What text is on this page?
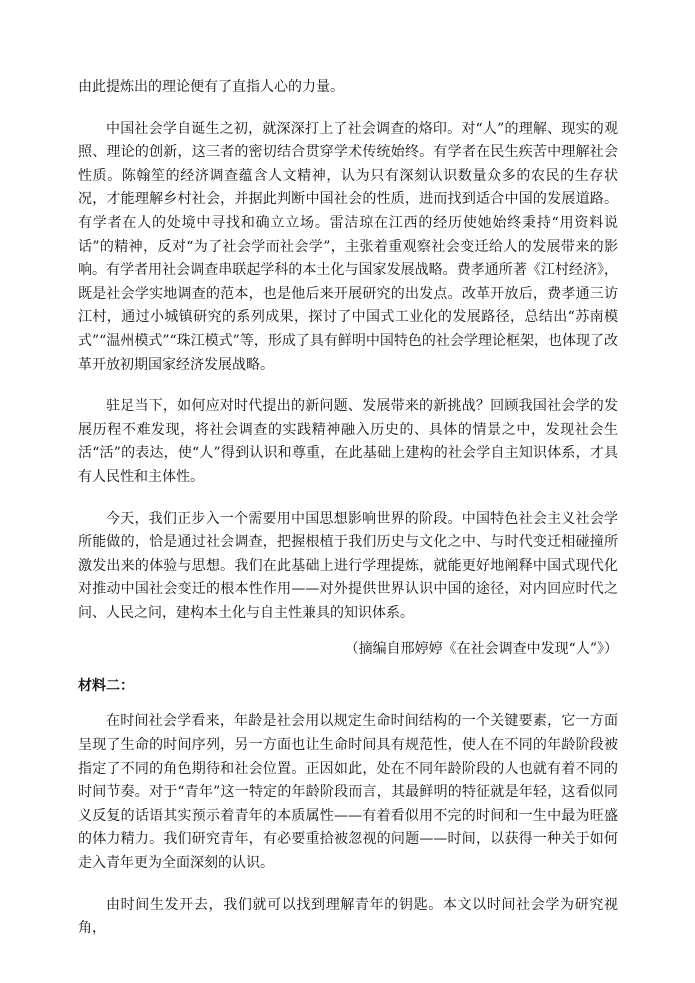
由此提炼出的理论便有了直指人心的力量。

中国社会学自诞生之初，就深深打上了社会调查的烙印。对“人”的理解、现实的观照、理论的创新，这三者的密切结合贯穿学术传统始终。有学者在民生疾苦中理解社会性质。陈翰笙的经济调查蕴含人文精神，认为只有深刻认识数量众多的农民的生存状况，才能理解乡村社会，并据此判断中国社会的性质，进而找到适合中国的发展道路。有学者在人的处境中寻找和确立立场。雷洁琼在江西的经历使她始终秉持“用资料说话”的精神，反对“为了社会学而社会学”，主张着重观察社会变迁给人的发展带来的影响。有学者用社会调查串联起学科的本土化与国家发展战略。费孝通所著《江村经济》，既是社会学实地调查的范本，也是他后来开展研究的出发点。改革开放后，费孝通三访江村，通过小城镇研究的系列成果，探讨了中国式工业化的发展路径，总结出“苏南模式”“温州模式”“珠江模式”等，形成了具有鲜明中国特色的社会学理论框架，也体现了改革开放初期国家经济发展战略。

驻足当下，如何应对时代提出的新问题、发展带来的新挑战？回顾我国社会学的发展历程不难发现，将社会调查的实践精神融入历史的、具体的情景之中，发现社会生活“活”的表达，使“人”得到认识和尊重，在此基础上建构的社会学自主知识体系，才具有人民性和主体性。

今天，我们正步入一个需要用中国思想影响世界的阶段。中国特色社会主义社会学所能做的，恰是通过社会调查，把握根植于我们历史与文化之中、与时代变迁相碰撞所激发出来的体验与思想。我们在此基础上进行学理提炼，就能更好地阐释中国式现代化对推动中国社会变迁的根本性作用——对外提供世界认识中国的途径，对内回应时代之问、人民之问，建构本土化与自主性兼具的知识体系。

（摘编自邢婷婷《在社会调查中发现“人”》）

材料二：

在时间社会学看来，年龄是社会用以规定生命时间结构的一个关键要素，它一方面呈现了生命的时间序列，另一方面也让生命时间具有规范性，使人在不同的年龄阶段被指定了不同的角色期待和社会位置。正因如此，处在不同年龄阶段的人也就有着不同的时间节奏。对于“青年”这一特定的年龄阶段而言，其最鲜明的特征就是年轻，这看似同义反复的话语其实预示着青年的本质属性——有着看似用不完的时间和一生中最为旺盛的体力精力。我们研究青年，有必要重拾被忽视的问题——时间，以获得一种关于如何走入青年更为全面深刻的认识。

由时间生发开去，我们就可以找到理解青年的钥匙。本文以时间社会学为研究视角，
